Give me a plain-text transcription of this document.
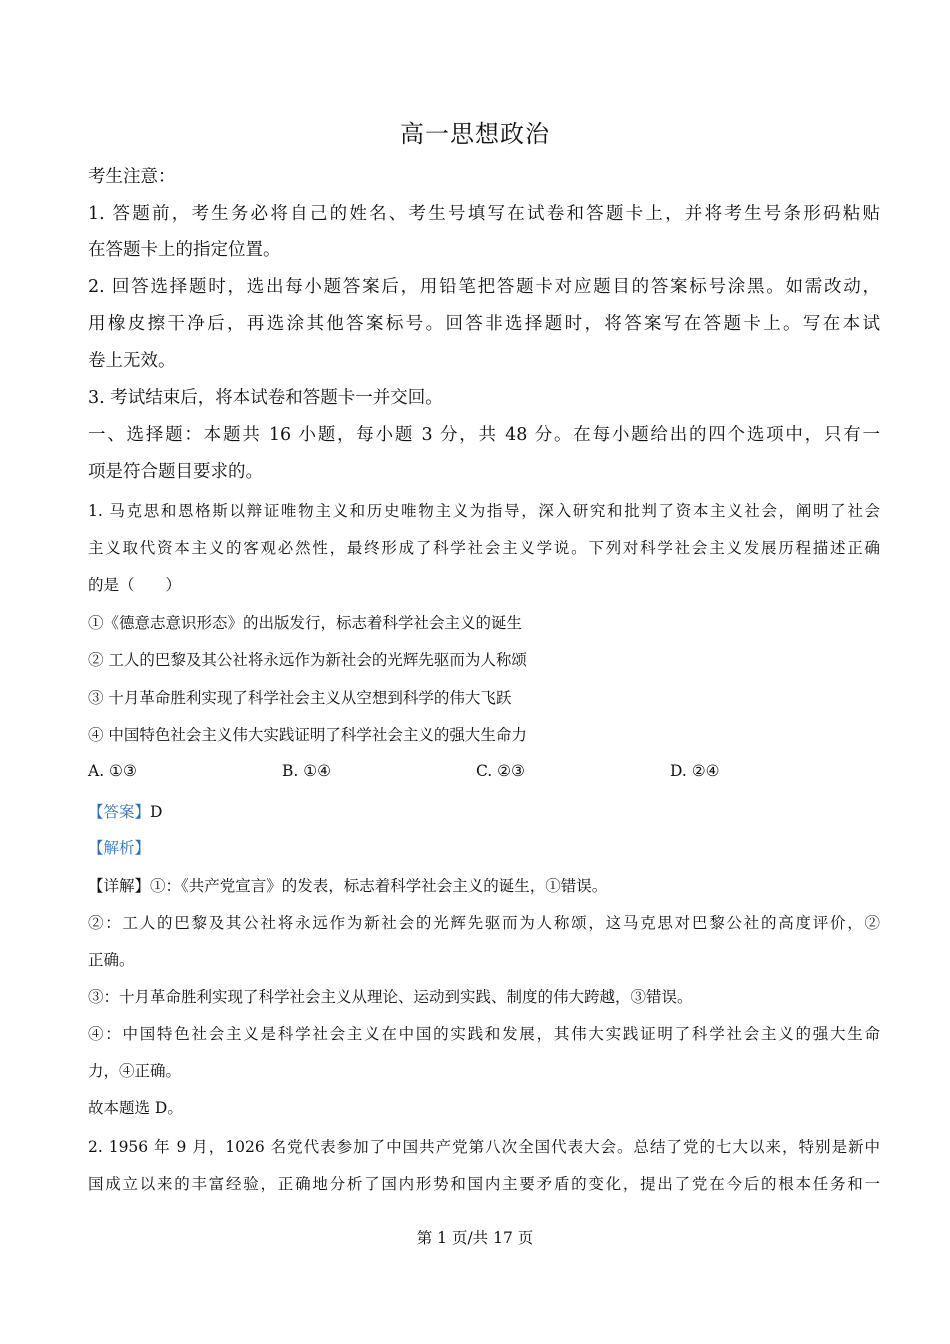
高一思想政治
考生注意：
1. 答题前，考生务必将自己的姓名、考生号填写在试卷和答题卡上，并将考生号条形码粘贴
在答题卡上的指定位置。
2. 回答选择题时，选出每小题答案后，用铅笔把答题卡对应题目的答案标号涂黑。如需改动，
用橡皮擦干净后，再选涂其他答案标号。回答非选择题时，将答案写在答题卡上。写在本试
卷上无效。
3. 考试结束后，将本试卷和答题卡一并交回。
一、选择题：本题共 16 小题，每小题 3 分，共 48 分。在每小题给出的四个选项中，只有一
项是符合题目要求的。
1. 马克思和恩格斯以辩证唯物主义和历史唯物主义为指导，深入研究和批判了资本主义社会，阐明了社会
主义取代资本主义的客观必然性，最终形成了科学社会主义学说。下列对科学社会主义发展历程描述正确
的是（　　）
①《德意志意识形态》的出版发行，标志着科学社会主义的诞生
② 工人的巴黎及其公社将永远作为新社会的光辉先驱而为人称颂
③ 十月革命胜利实现了科学社会主义从空想到科学的伟大飞跃
④ 中国特色社会主义伟大实践证明了科学社会主义的强大生命力
A. ①③	B. ①④	C. ②③	D. ②④
【答案】D
【解析】
【详解】①：《共产党宣言》的发表，标志着科学社会主义的诞生，①错误。
②：工人的巴黎及其公社将永远作为新社会的光辉先驱而为人称颂，这马克思对巴黎公社的高度评价，②
正确。
③：十月革命胜利实现了科学社会主义从理论、运动到实践、制度的伟大跨越，③错误。
④：中国特色社会主义是科学社会主义在中国的实践和发展，其伟大实践证明了科学社会主义的强大生命
力，④正确。
故本题选 D。
2. 1956 年 9 月，1026 名党代表参加了中国共产党第八次全国代表大会。总结了党的七大以来，特别是新中
国成立以来的丰富经验，正确地分析了国内形势和国内主要矛盾的变化，提出了党在今后的根本任务和一
第 1 页/共 17 页
